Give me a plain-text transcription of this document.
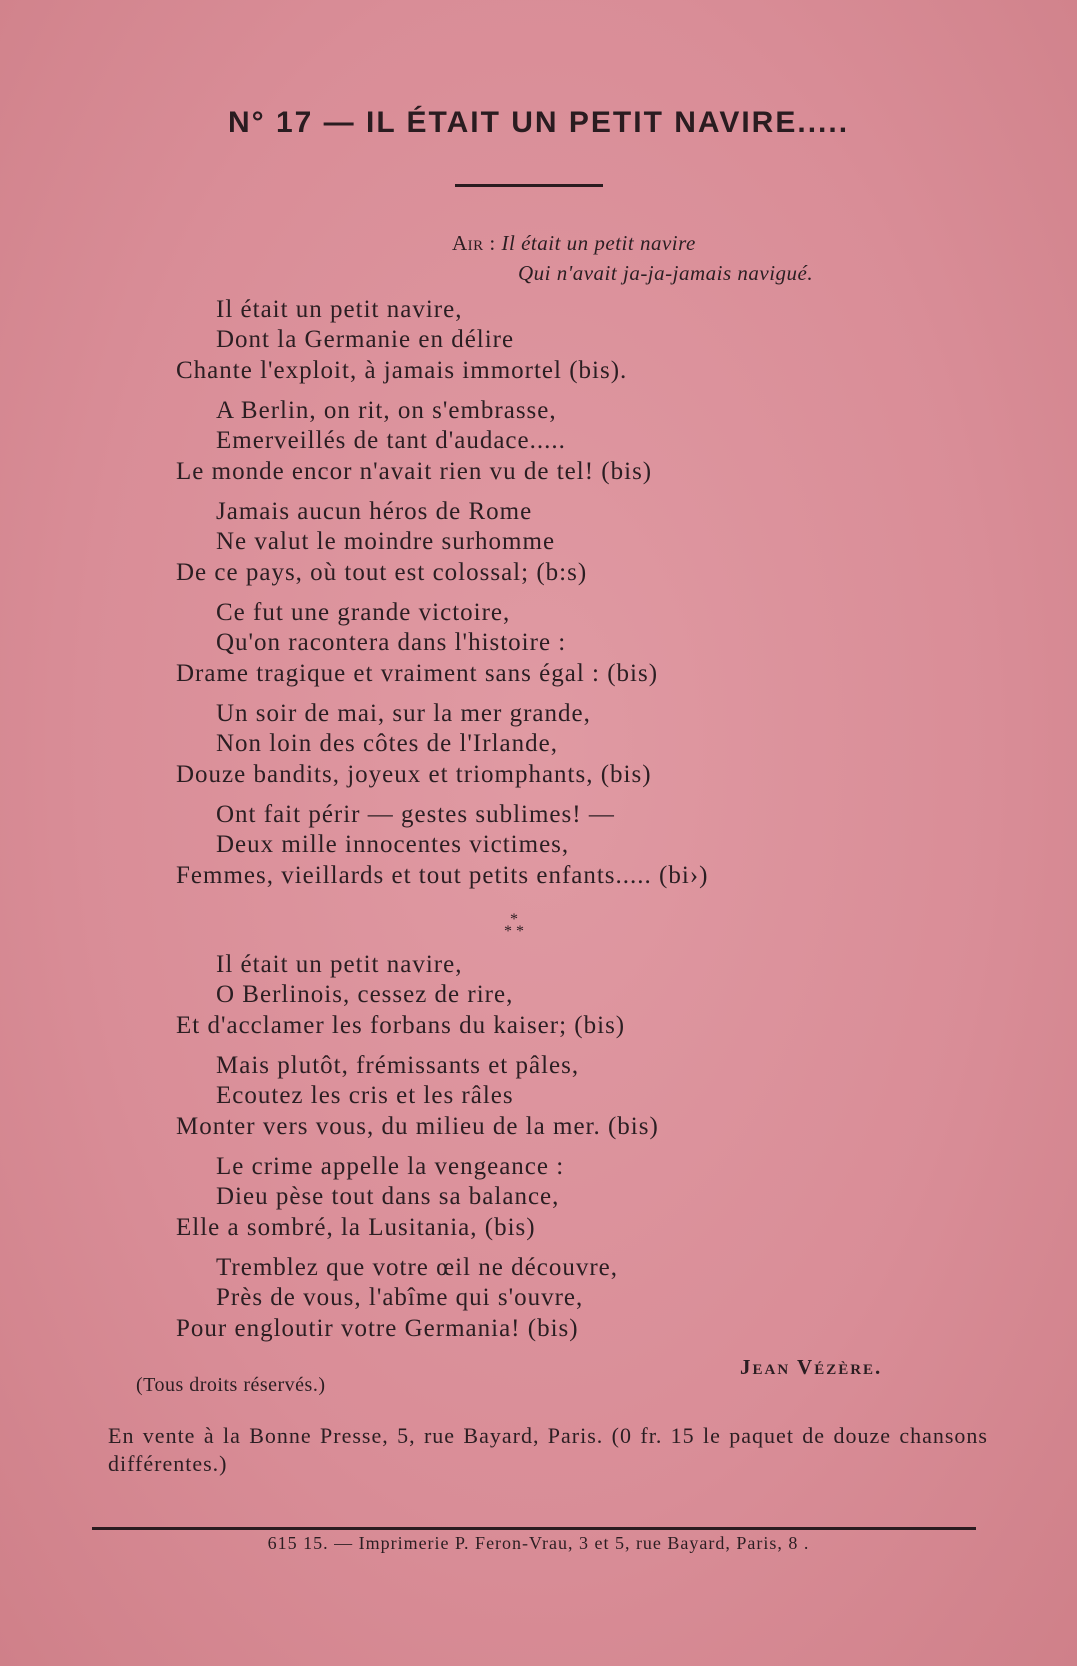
N° 17 — IL ÉTAIT UN PETIT NAVIRE.....
Air : Il était un petit navire
Qui n'avait ja-ja-jamais navigué.
Il était un petit navire,
Dont la Germanie en délire
Chante l'exploit, à jamais immortel (bis).
A Berlin, on rit, on s'embrasse,
Emerveillés de tant d'audace.....
Le monde encor n'avait rien vu de tel! (bis)
Jamais aucun héros de Rome
Ne valut le moindre surhomme
De ce pays, où tout est colossal; (b:s)
Ce fut une grande victoire,
Qu'on racontera dans l'histoire :
Drame tragique et vraiment sans égal : (bis)
Un soir de mai, sur la mer grande,
Non loin des côtes de l'Irlande,
Douze bandits, joyeux et triomphants, (bis)
Ont fait périr — gestes sublimes! —
Deux mille innocentes victimes,
Femmes, vieillards et tout petits enfants..... (bi›)
Il était un petit navire,
O Berlinois, cessez de rire,
Et d'acclamer les forbans du kaiser; (bis)
Mais plutôt, frémissants et pâles,
Ecoutez les cris et les râles
Monter vers vous, du milieu de la mer. (bis)
Le crime appelle la vengeance :
Dieu pèse tout dans sa balance,
Elle a sombré, la Lusitania, (bis)
Tremblez que votre œil ne découvre,
Près de vous, l'abîme qui s'ouvre,
Pour engloutir votre Germania! (bis)
*
* *
Jean Vézère.
(Tous droits réservés.)
En vente à la Bonne Presse, 5, rue Bayard, Paris. (0 fr. 15 le paquet de douze chansons différentes.)
615 15. — Imprimerie P. Feron-Vrau, 3 et 5, rue Bayard, Paris, 8 .
